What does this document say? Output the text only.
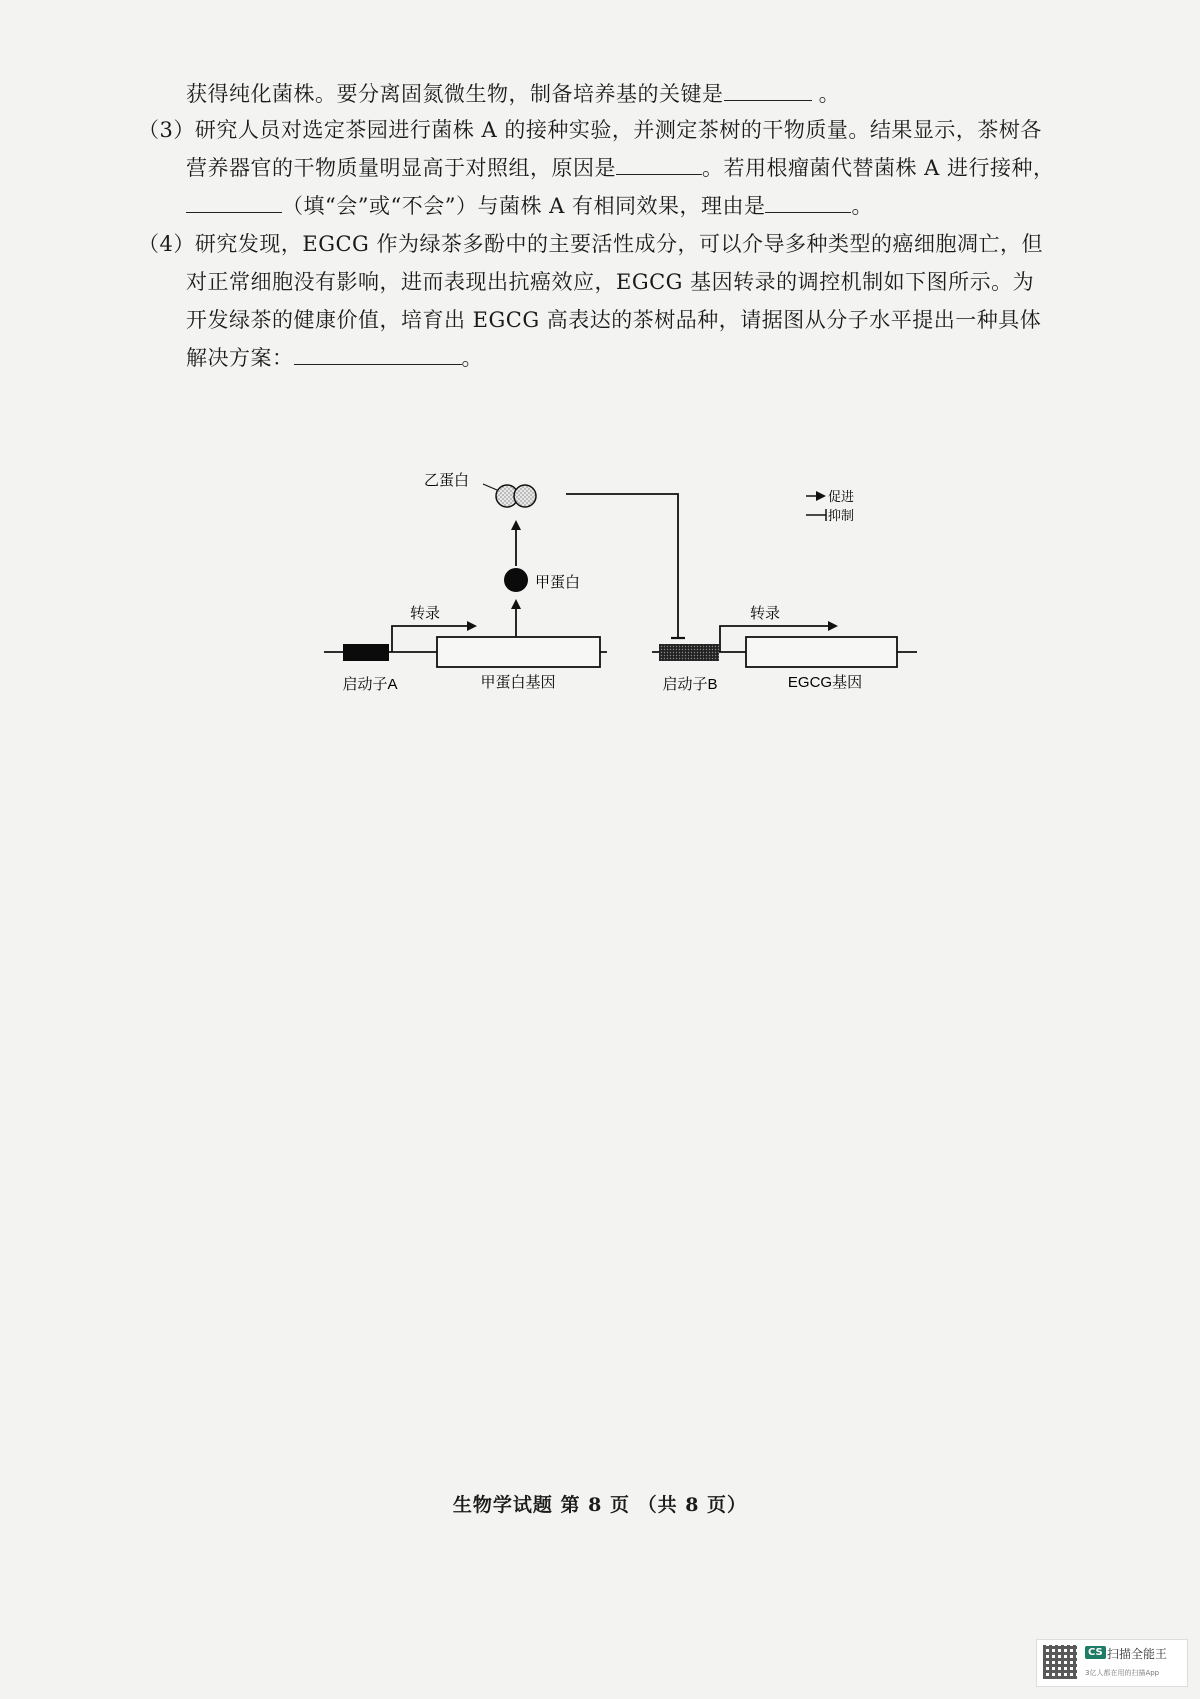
获得纯化菌株。要分离固氮微生物，制备培养基的关键是	。
（3）研究人员对选定茶园进行菌株 A 的接种实验，并测定茶树的干物质量。结果显示，茶树各
营养器官的干物质量明显高于对照组，原因是	。若用根瘤菌代替菌株 A 进行接种，
（填“会”或“不会”）与菌株 A 有相同效果，理由是	。
（4）研究发现，EGCG 作为绿茶多酚中的主要活性成分，可以介导多种类型的癌细胞凋亡，但
对正常细胞没有影响，进而表现出抗癌效应，EGCG 基因转录的调控机制如下图所示。为
开发绿茶的健康价值，培育出 EGCG 高表达的茶树品种，请据图从分子水平提出一种具体
解决方案：	。
转录
启动子A	甲蛋白基因
甲蛋白
乙蛋白
转录
启动子B	EGCG基因
促进
抑制
生物学试题 第 8 页 （共 8 页）
CS 扫描全能王
3亿人都在用的扫描App
